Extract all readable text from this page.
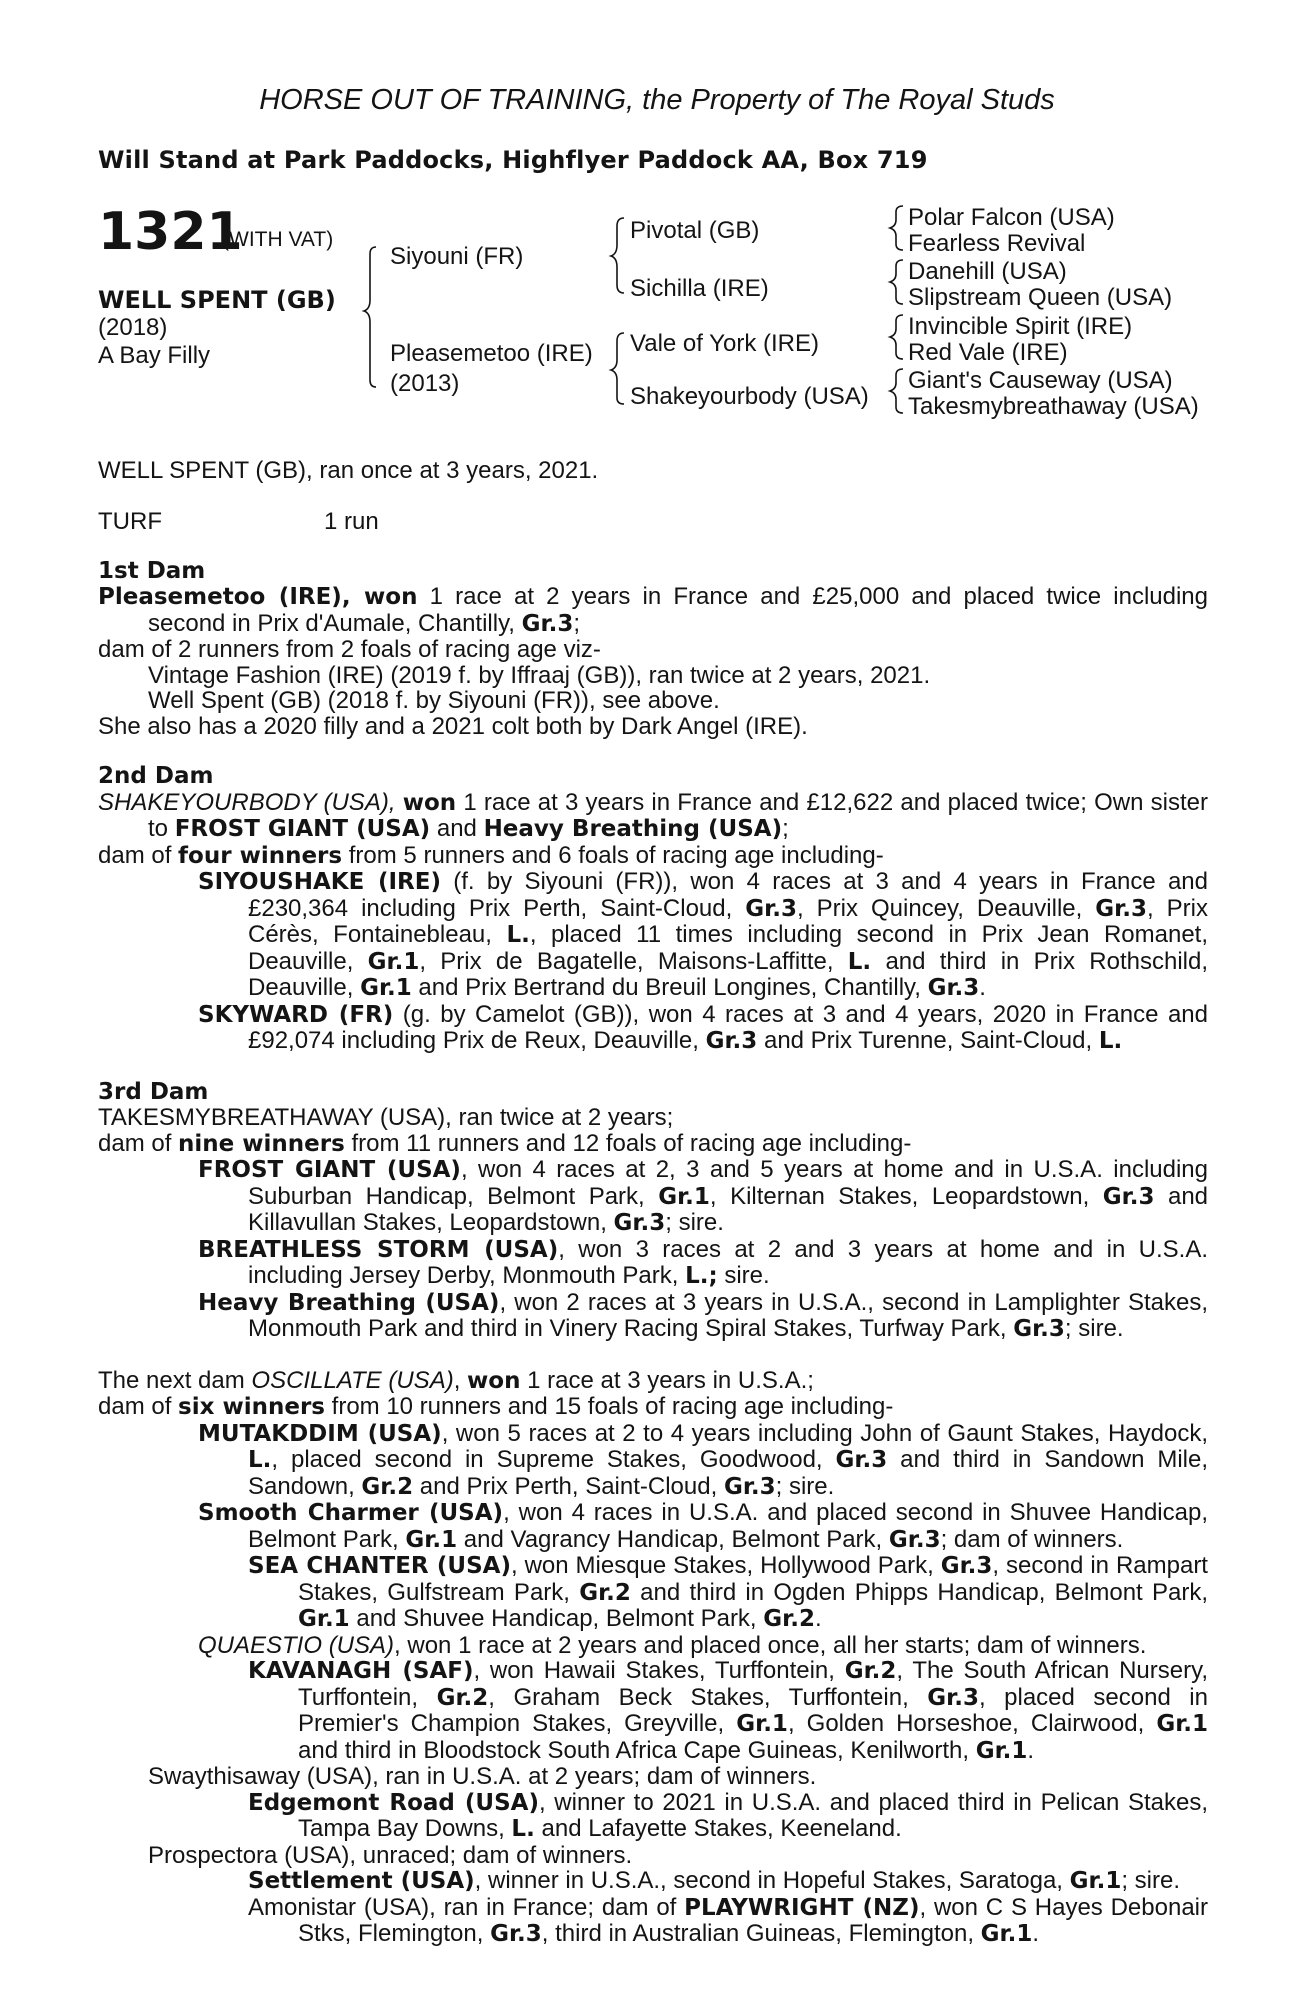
HORSE OUT OF TRAINING, the Property of The Royal Studs
Will Stand at Park Paddocks, Highflyer Paddock AA, Box 719
1321
(WITH VAT)
WELL SPENT (GB)
(2018)
A Bay Filly
Siyouni (FR)
Pleasemetoo (IRE)
(2013)
Pivotal (GB)
Sichilla (IRE)
Vale of York (IRE)
Shakeyourbody (USA)
Polar Falcon (USA)
Fearless Revival
Danehill (USA)
Slipstream Queen (USA)
Invincible Spirit (IRE)
Red Vale (IRE)
Giant's Causeway (USA)
Takesmybreathaway (USA)

WELL SPENT (GB), ran once at 3 years, 2021.

TURF	1 run

1st Dam

Pleasemetoo (IRE), won 1 race at 2 years in France and £25,000 and placed twice including second in Prix d'Aumale, Chantilly, Gr.3;

dam of 2 runners from 2 foals of racing age viz-

Vintage Fashion (IRE) (2019 f. by Iffraaj (GB)), ran twice at 2 years, 2021.

Well Spent (GB) (2018 f. by Siyouni (FR)), see above.

She also has a 2020 filly and a 2021 colt both by Dark Angel (IRE).

2nd Dam

SHAKEYOURBODY (USA), won 1 race at 3 years in France and £12,622 and placed twice; Own sister to FROST GIANT (USA) and Heavy Breathing (USA);

dam of four winners from 5 runners and 6 foals of racing age including-

SIYOUSHAKE (IRE) (f. by Siyouni (FR)), won 4 races at 3 and 4 years in France and £230,364 including Prix Perth, Saint-Cloud, Gr.3, Prix Quincey, Deauville, Gr.3, Prix Cérès, Fontainebleau, L., placed 11 times including second in Prix Jean Romanet, Deauville, Gr.1, Prix de Bagatelle, Maisons-Laffitte, L. and third in Prix Rothschild, Deauville, Gr.1 and Prix Bertrand du Breuil Longines, Chantilly, Gr.3.

SKYWARD (FR) (g. by Camelot (GB)), won 4 races at 3 and 4 years, 2020 in France and £92,074 including Prix de Reux, Deauville, Gr.3 and Prix Turenne, Saint-Cloud, L.

3rd Dam

TAKESMYBREATHAWAY (USA), ran twice at 2 years;

dam of nine winners from 11 runners and 12 foals of racing age including-

FROST GIANT (USA), won 4 races at 2, 3 and 5 years at home and in U.S.A. including Suburban Handicap, Belmont Park, Gr.1, Kilternan Stakes, Leopardstown, Gr.3 and Killavullan Stakes, Leopardstown, Gr.3; sire.

BREATHLESS STORM (USA), won 3 races at 2 and 3 years at home and in U.S.A. including Jersey Derby, Monmouth Park, L.; sire.

Heavy Breathing (USA), won 2 races at 3 years in U.S.A., second in Lamplighter Stakes, Monmouth Park and third in Vinery Racing Spiral Stakes, Turfway Park, Gr.3; sire.

The next dam OSCILLATE (USA), won 1 race at 3 years in U.S.A.;

dam of six winners from 10 runners and 15 foals of racing age including-

MUTAKDDIM (USA), won 5 races at 2 to 4 years including John of Gaunt Stakes, Haydock, L., placed second in Supreme Stakes, Goodwood, Gr.3 and third in Sandown Mile, Sandown, Gr.2 and Prix Perth, Saint-Cloud, Gr.3; sire.

Smooth Charmer (USA), won 4 races in U.S.A. and placed second in Shuvee Handicap, Belmont Park, Gr.1 and Vagrancy Handicap, Belmont Park, Gr.3; dam of winners.

SEA CHANTER (USA), won Miesque Stakes, Hollywood Park, Gr.3, second in Rampart Stakes, Gulfstream Park, Gr.2 and third in Ogden Phipps Handicap, Belmont Park, Gr.1 and Shuvee Handicap, Belmont Park, Gr.2.

QUAESTIO (USA), won 1 race at 2 years and placed once, all her starts; dam of winners.

KAVANAGH (SAF), won Hawaii Stakes, Turffontein, Gr.2, The South African Nursery, Turffontein, Gr.2, Graham Beck Stakes, Turffontein, Gr.3, placed second in Premier's Champion Stakes, Greyville, Gr.1, Golden Horseshoe, Clairwood, Gr.1 and third in Bloodstock South Africa Cape Guineas, Kenilworth, Gr.1.

Swaythisaway (USA), ran in U.S.A. at 2 years; dam of winners.

Edgemont Road (USA), winner to 2021 in U.S.A. and placed third in Pelican Stakes, Tampa Bay Downs, L. and Lafayette Stakes, Keeneland.

Prospectora (USA), unraced; dam of winners.

Settlement (USA), winner in U.S.A., second in Hopeful Stakes, Saratoga, Gr.1; sire.

Amonistar (USA), ran in France; dam of PLAYWRIGHT (NZ), won C S Hayes Debonair Stks, Flemington, Gr.3, third in Australian Guineas, Flemington, Gr.1.
